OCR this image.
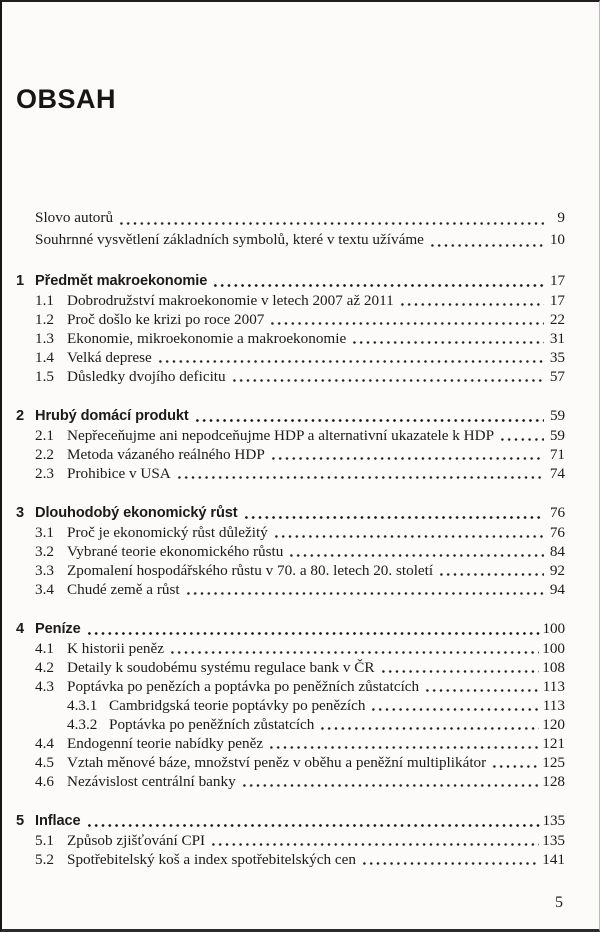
OBSAH
Slovo autorů	9
Souhrnné vysvětlení základních symbolů, které v textu užíváme	10
1 Předmět makroekonomie	17
1.1 Dobrodružství makroekonomie v letech 2007 až 2011	17
1.2 Proč došlo ke krizi po roce 2007	22
1.3 Ekonomie, mikroekonomie a makroekonomie	31
1.4 Velká deprese	35
1.5 Důsledky dvojího deficitu	57
2 Hrubý domácí produkt	59
2.1 Nepřeceňujme ani nepodceňujme HDP a alternativní ukazatele k HDP	59
2.2 Metoda vázaného reálného HDP	71
2.3 Prohibice v USA	74
3 Dlouhodobý ekonomický růst	76
3.1 Proč je ekonomický růst důležitý	76
3.2 Vybrané teorie ekonomického růstu	84
3.3 Zpomalení hospodářského růstu v 70. a 80. letech 20. století	92
3.4 Chudé země a růst	94
4 Peníze	100
4.1 K historii peněz	100
4.2 Detaily k soudobému systému regulace bank v ČR	108
4.3 Poptávka po penězích a poptávka po peněžních zůstatcích	113
4.3.1 Cambridgská teorie poptávky po penězích	113
4.3.2 Poptávka po peněžních zůstatcích	120
4.4 Endogenní teorie nabídky peněz	121
4.5 Vztah měnové báze, množství peněz v oběhu a peněžní multiplikátor	125
4.6 Nezávislost centrální banky	128
5 Inflace	135
5.1 Způsob zjišťování CPI	135
5.2 Spotřebitelský koš a index spotřebitelských cen	141
5
